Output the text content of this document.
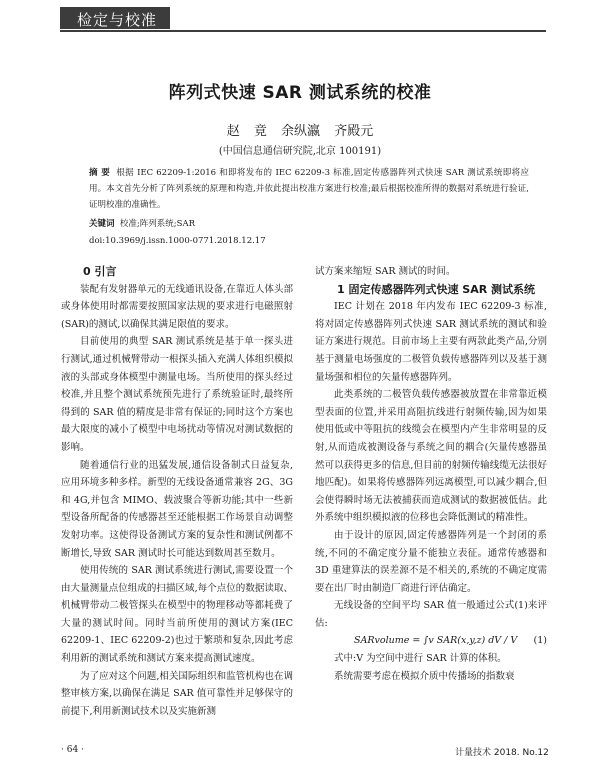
检定与校准
阵列式快速 SAR 测试系统的校准
赵 竟 余纵瀛 齐殿元
(中国信息通信研究院,北京 100191)
摘 要 根据 IEC 62209-1:2016 和即将发布的 IEC 62209-3 标准,固定传感器阵列式快速 SAR 测试系统即将应用。本文首先分析了阵列系统的原理和构造,并依此提出校准方案进行校准;最后根据校准所得的数据对系统进行验证,证明校准的准确性。
关键词 校准;阵列系统;SAR
doi:10.3969/j.issn.1000-0771.2018.12.17

0 引言

装配有发射器单元的无线通讯设备,在靠近人体头部或身体使用时都需要按照国家法规的要求进行电磁照射(SAR)的测试,以确保其满足限值的要求。

目前使用的典型 SAR 测试系统是基于单一探头进行测试,通过机械臂带动一根探头插入充满人体组织模拟液的头部或身体模型中测量电场。当所使用的探头经过校准,并且整个测试系统预先进行了系统验证时,最终所得到的 SAR 值的精度是非常有保证的;同时这个方案也最大限度的减小了模型中电场扰动等情况对测试数据的影响。

随着通信行业的迅猛发展,通信设备制式日益复杂,应用环境多种多样。新型的无线设备通常兼容 2G、3G 和 4G,并包含 MIMO、载波聚合等新功能;其中一些新型设备所配备的传感器甚至还能根据工作场景自动调整发射功率。这使得设备测试方案的复杂性和测试例都不断增长,导致 SAR 测试时长可能达到数周甚至数月。

使用传统的 SAR 测试系统进行测试,需要设置一个由大量测量点位组成的扫描区域,每个点位的数据读取、机械臂带动二极管探头在模型中的物理移动等都耗费了大量的测试时间。同时当前所使用的测试方案(IEC 62209-1、IEC 62209-2)也过于繁琐和复杂,因此考虑利用新的测试系统和测试方案来提高测试速度。

为了应对这个问题,相关国际组织和监管机构也在调整审核方案,以确保在满足 SAR 值可靠性并足够保守的前提下,利用新测试技术以及实施新测

试方案来缩短 SAR 测试的时间。

1 固定传感器阵列式快速 SAR 测试系统

IEC 计划在 2018 年内发布 IEC 62209-3 标准,将对固定传感器阵列式快速 SAR 测试系统的测试和验证方案进行规范。目前市场上主要有两款此类产品,分别基于测量电场强度的二极管负载传感器阵列以及基于测量场强和相位的矢量传感器阵列。

此类系统的二极管负载传感器被放置在非常靠近模型表面的位置,并采用高阻抗线进行射频传输,因为如果使用低或中等阻抗的线缆会在模型内产生非常明显的反射,从而造成被测设备与系统之间的耦合(矢量传感器虽然可以获得更多的信息,但目前的射频传输线缆无法很好地匹配)。如果将传感器阵列远离模型,可以减少耦合,但会使得瞬时场无法被捕获而造成测试的数据被低估。此外系统中组织模拟液的位移也会降低测试的精准性。

由于设计的原因,固定传感器阵列是一个封闭的系统,不同的不确定度分量不能独立表征。通常传感器和 3D 重建算法的误差源不是不相关的,系统的不确定度需要在出厂时由制造厂商进行评估确定。

无线设备的空间平均 SAR 值一般通过公式(1)来评估:

SARvolume = ∫v SAR(x,y,z) dV / V	(1)

式中:V 为空间中进行 SAR 计算的体积。

系统需要考虑在模拟介质中传播场的指数衰

· 64 ·	计量技术 2018. No.12
